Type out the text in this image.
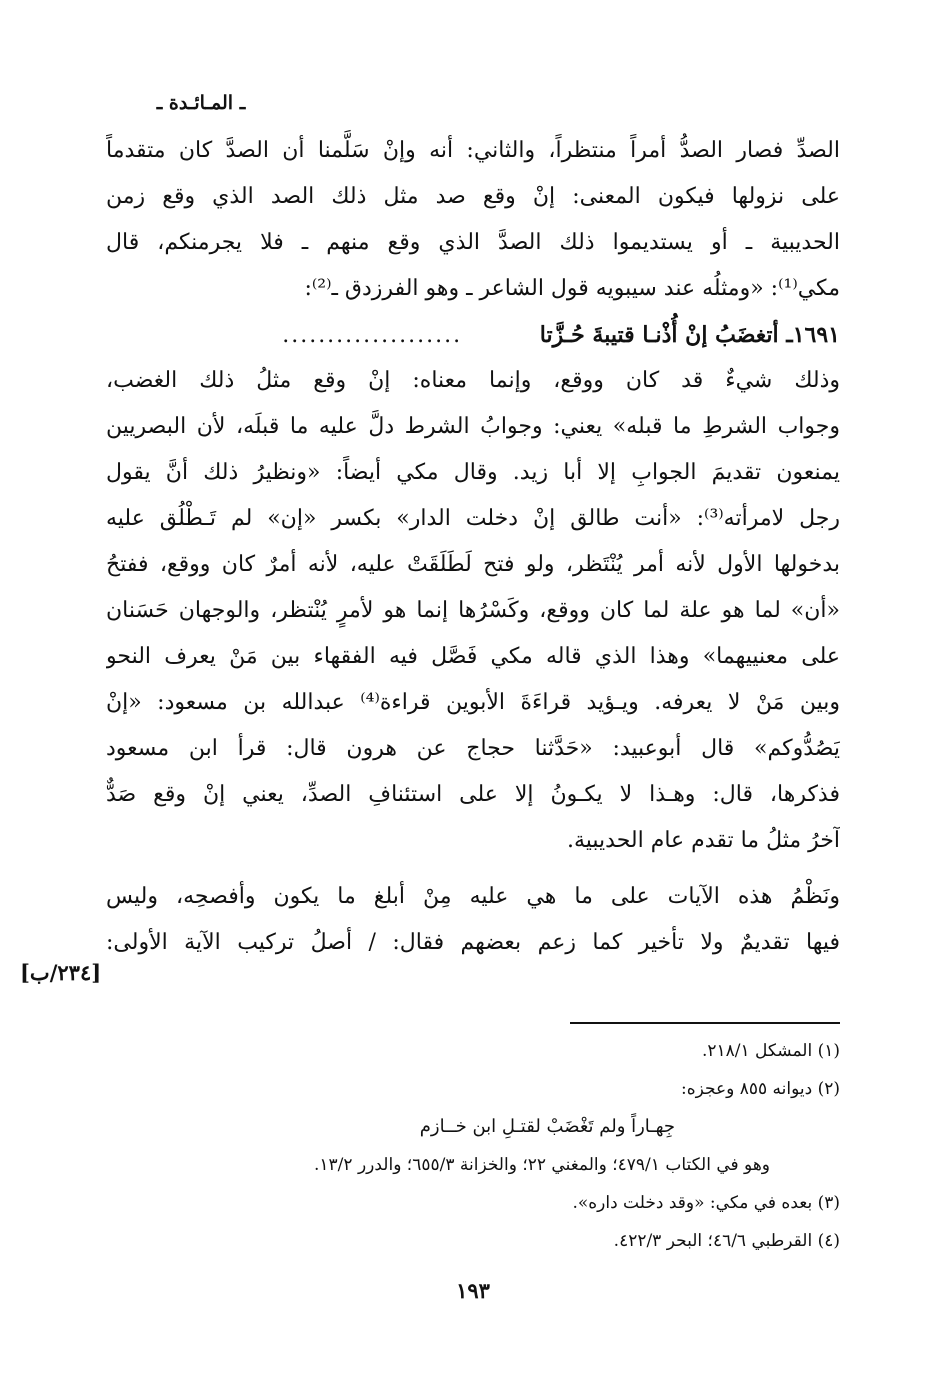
ـ المـائـدة ـ
الصدِّ فصار الصدُّ أمراً منتظراً، والثاني: أنه وإنْ سَلَّمنا أن الصدَّ كان متقدماً
على نزولها فيكون المعنى: إنْ وقع صد مثل ذلك الصد الذي وقع زمن
الحديبية ـ أو يستديموا ذلك الصدَّ الذي وقع منهم ـ فلا يجرمنكم، قال
مكي⁽¹⁾: «ومثلُه عند سيبويه قول الشاعر ـ وهو الفرزدق ـ⁽²⁾:
١٦٩١ـ أتغضَبُ إنْ أُذْنـا قتيبةَ حُـزَّتا ....................
وذلك شيءٌ قد كان ووقع، وإنما معناه: إنْ وقع مثلُ ذلك الغضب،
وجواب الشرطِ ما قبله» يعني: وجوابُ الشرط دلَّ عليه ما قبلَه، لأن البصريين
يمنعون تقديمَ الجوابِ إلا أبا زيد. وقال مكي أيضاً: «ونظيرُ ذلك أنَّ يقول
رجل لامرأته⁽³⁾: «أنت طالق إنْ دخلت الدار» بكسر «إن» لم تَـطْلُق عليه
بدخولها الأول لأنه أمر يُنْتَظر، ولو فتح لَطَلَقَتْ عليه، لأنه أمرٌ كان ووقع، ففتحُ
«أن» لما هو علة لما كان ووقع، وكَسْرُها إنما هو لأمرٍ يُنْتظر، والوجهان حَسَنان
على معنييهما» وهذا الذي قاله مكي فَصَّل فيه الفقهاء بين مَنْ يعرف النحو
وبين مَنْ لا يعرفه. ويـؤيد قراءَةَ الأبوين قراءة⁽⁴⁾ عبدالله بن مسعود: «إنْ
يَصُدُّوكم» قال أبوعبيد: «حَدَّثنا حجاج عن هرون قال: قرأ ابن مسعود
فذكرها، قال: وهـذا لا يكـونُ إلا على استئنافِ الصدِّ، يعني إنْ وقع صَدٌّ
آخرُ مثلُ ما تقدم عام الحديبية.
ونَظْمُ هذه الآيات على ما هي عليه مِنْ أبلغ ما يكون وأفصحِه، وليس
فيها تقديمٌ ولا تأخير كما زعم بعضهم فقال: / أصلُ تركيب الآية الأولى:
[٢٣٤/ب]
(١) المشكل ٢١٨/١.
(٢) ديوانه ٨٥٥ وعجزه:
جِهـاراً ولم تَغْضَبْ لقتـلِ ابن خــازم
وهو في الكتاب ٤٧٩/١؛ والمغني ٢٢؛ والخزانة ٦٥٥/٣؛ والدرر ١٣/٢.
(٣) بعده في مكي: «وقد دخلت داره».
(٤) القرطبي ٤٦/٦؛ البحر ٤٢٢/٣.
١٩٣
